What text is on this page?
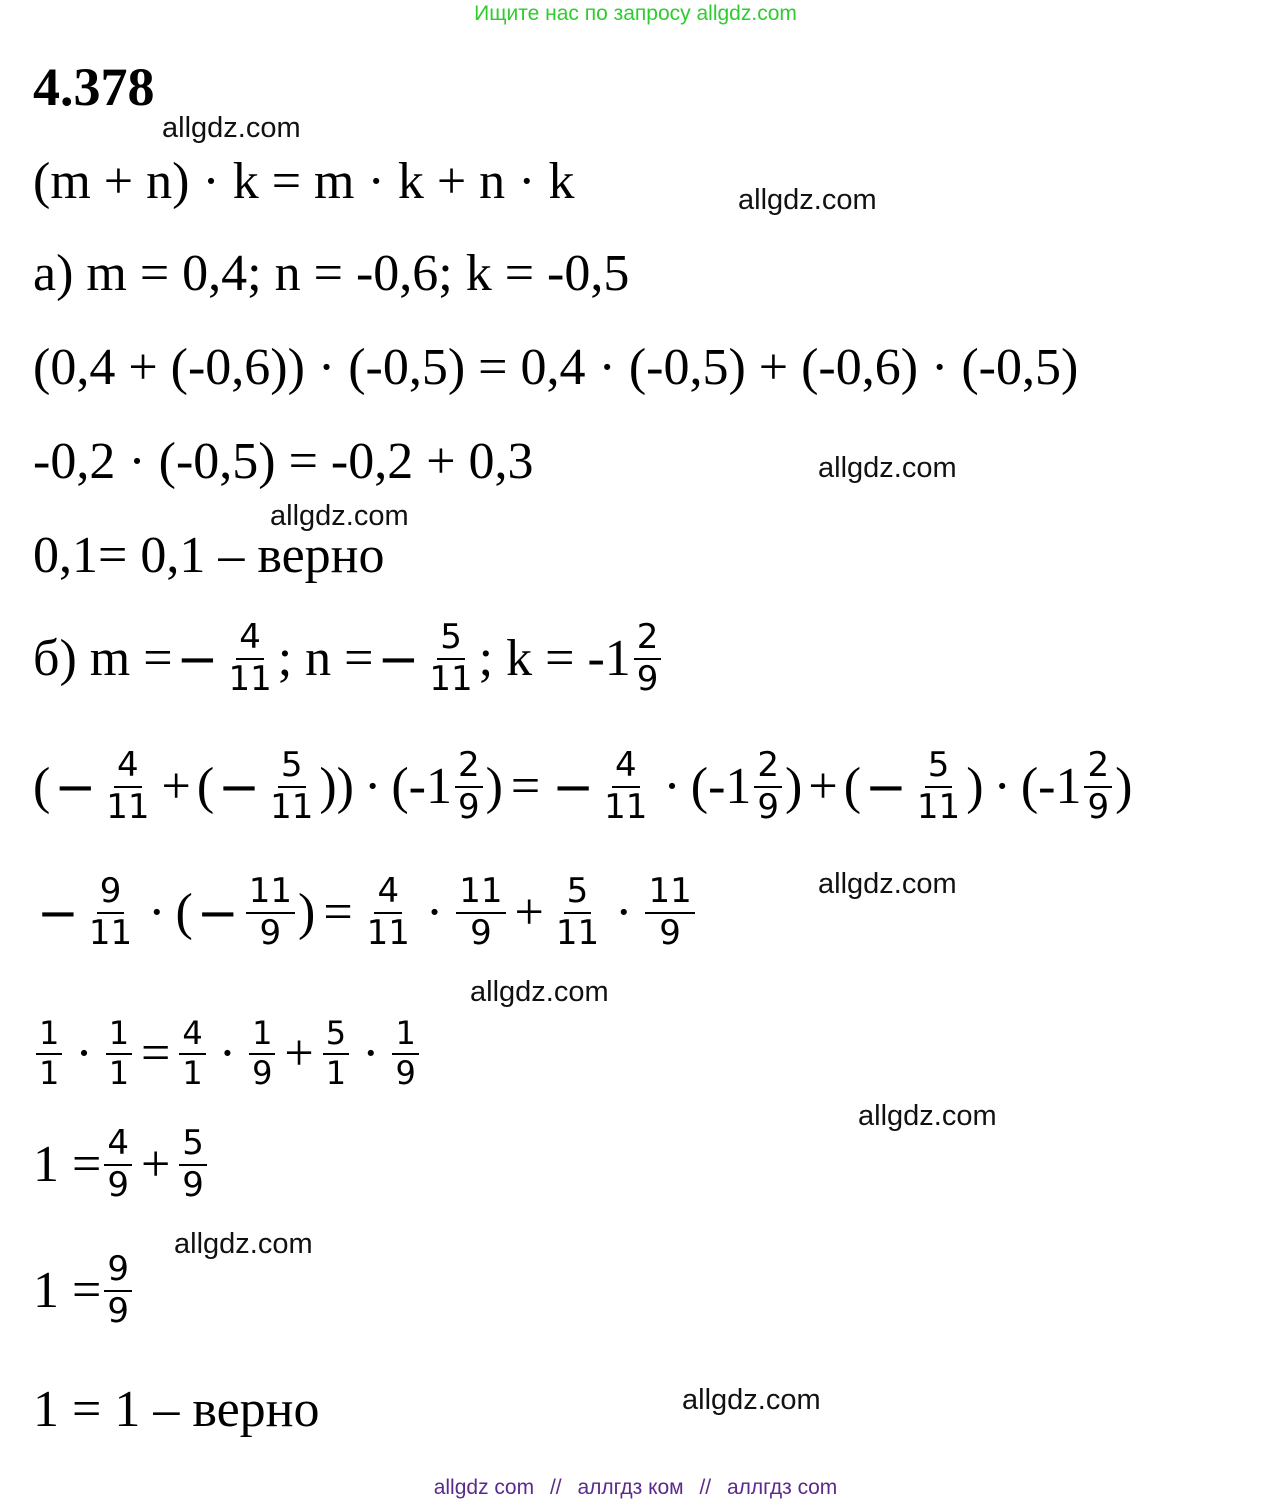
Ищите нас по запросу allgdz.com
4.378
allgdz.com
allgdz.com
allgdz.com
allgdz.com
allgdz.com
allgdz.com
allgdz.com
allgdz.com
allgdz.com
(m + n) · k = m · k + n · k
а) m = 0,4; n = -0,6; k = -0,5
(0,4 + (-0,6)) · (-0,5) = 0,4 · (-0,5) + (-0,6) · (-0,5)
-0,2 · (-0,5) = -0,2 + 0,3
0,1= 0,1 – верно
б) m = − $\frac{4}{11}$ ; n = − $\frac{5}{11}$ ; $k = -1 \frac{2}{9}$
( − $\frac{4}{11}$ + ( − $\frac{5}{11}$ ) ) · ($-1 \frac{2}{9}$ ) = − $\frac{4}{11} \cdot (-1 \frac{2}{9}$ ) + ( − $\frac{5}{11}$ ) · ($-1 \frac{2}{9}$ )
− $\frac{9}{11}$ · ( − $\frac{11}{9}$ ) = $\frac{4}{11} \cdot \frac{11}{9} + \frac{5}{11} \cdot \frac{11}{9}$
$\frac{1}{1} \cdot \frac{1}{1} = \frac{4}{1} \cdot \frac{1}{9} + \frac{5}{1} \cdot \frac{1}{9}$
$1 = \frac{4}{9} + \frac{5}{9}$
$1 = \frac{9}{9}$
1 = 1 – верно
allgdz com // аллгдз ком // аллгдз com
